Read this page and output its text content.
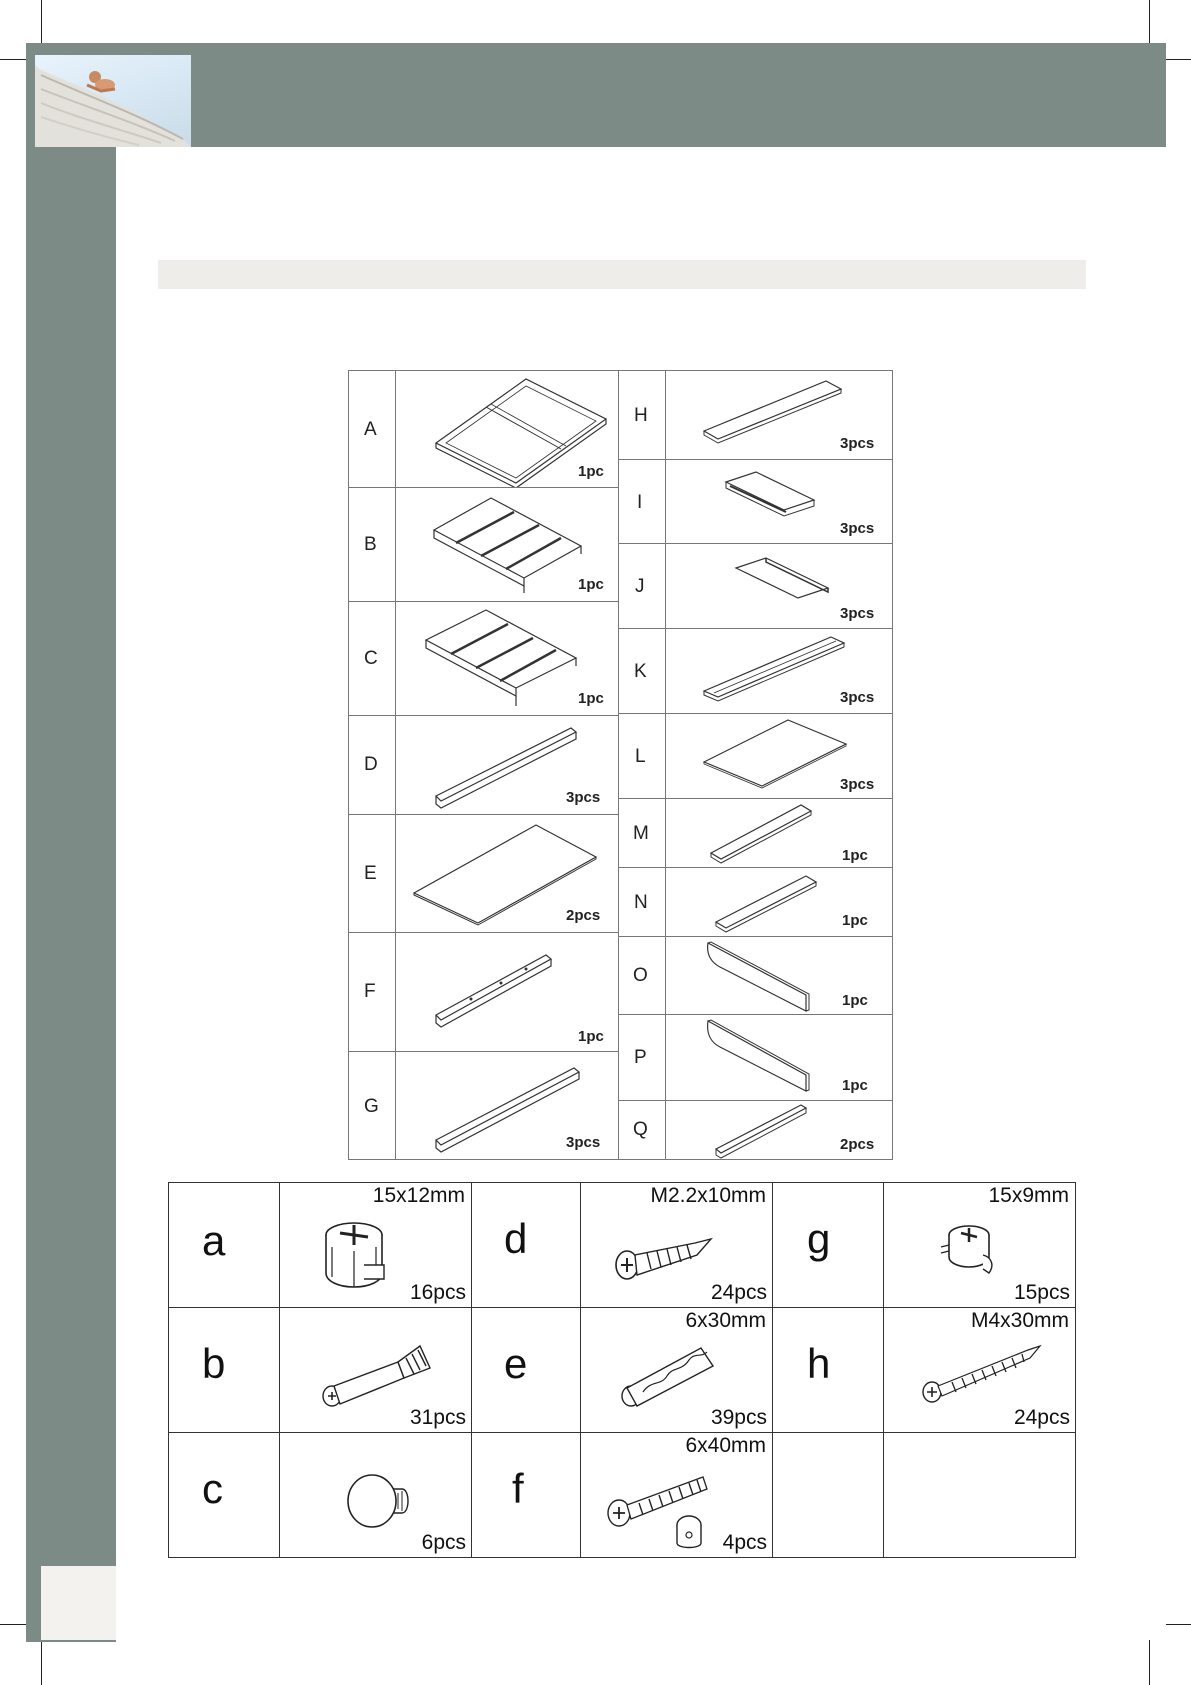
A
1pc
B
1pc
C
1pc
D
3pcs
E
2pcs
F
1pc
G
3pcs
H
3pcs
I
3pcs
J
3pcs
K
3pcs
L
3pcs
M
1pc
N
1pc
O
1pc
P
1pc
Q
2pcs
a
15x12mm
16pcs
d
M2.2x10mm
24pcs
g
15x9mm
15pcs
b
31pcs
e
6x30mm
39pcs
h
M4x30mm
24pcs
c
6pcs
f
6x40mm
4pcs
